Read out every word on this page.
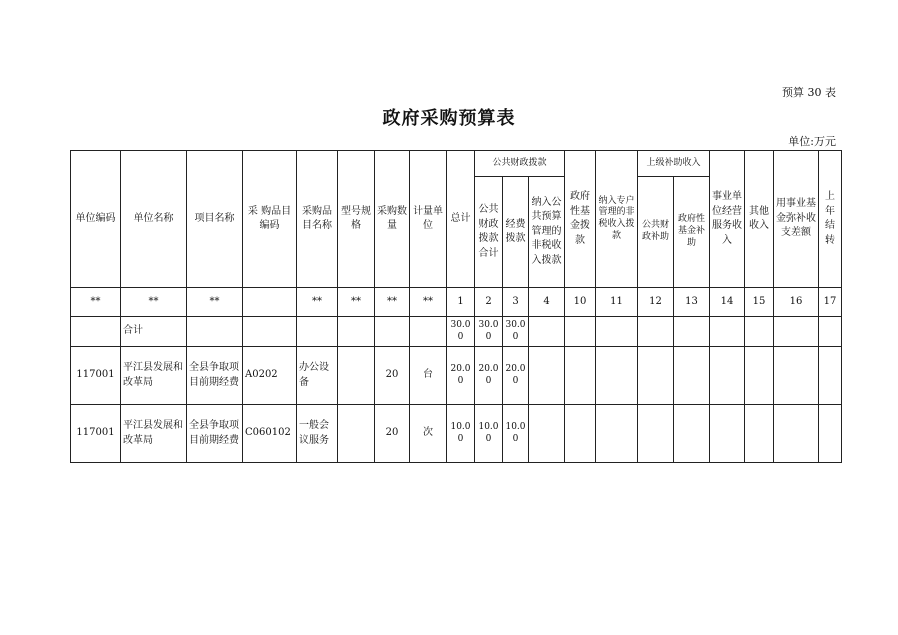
预算 30 表
政府采购预算表
单位:万元
单位编码	单位名称	项目名称	采 购品目编码	采购品目名称	型号规格	采购数量	计量单位	总计	公共财政拨款			政府性基金拨款	纳入专户管理的非税收入拨款	上级补助收入		事业单位经营服务收入	其他收入	用事业基金弥补收支差额	上年结转
									公共财政拨款合计	经费拨款	纳入公共预算管理的非税收入拨款			公共财政补助	政府性基金补助				
**	**	**		**	**	**	**	1	2	3	4	10	11	12	13	14	15	16	17
	合计							30.00	30.00	30.00									
117001	平江县发展和改革局	全县争取项目前期经费	A0202	办公设备		20	台	20.00	20.00	20.00									
117001	平江县发展和改革局	全县争取项目前期经费	C060102	一般会议服务		20	次	10.00	10.00	10.00									
